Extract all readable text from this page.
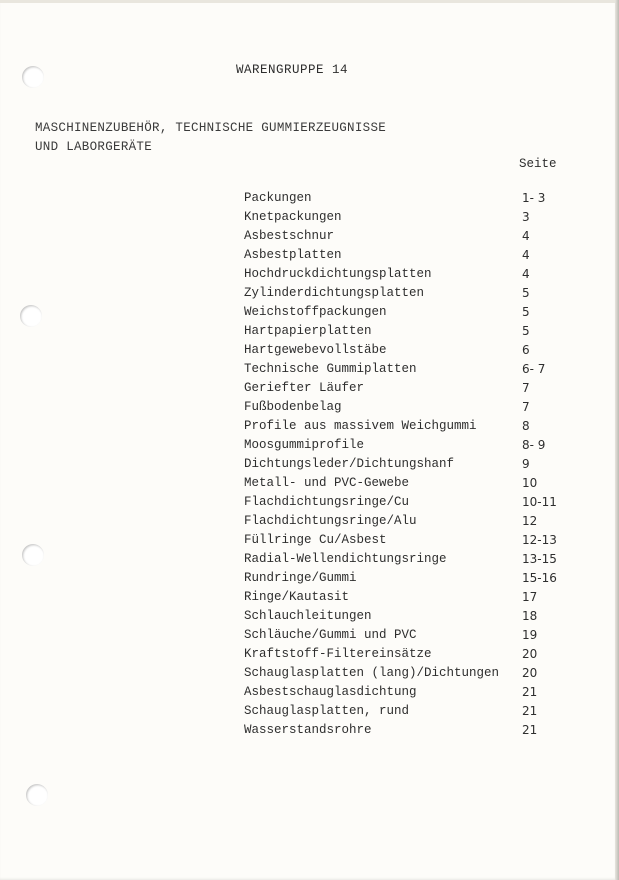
WARENGRUPPE 14
MASCHINENZUBEHÖR, TECHNISCHE GUMMIERZEUGNISSE
UND LABORGERÄTE
Seite
Packungen	1- 3
Knetpackungen	3
Asbestschnur	4
Asbestplatten	4
Hochdruckdichtungsplatten	4
Zylinderdichtungsplatten	5
Weichstoffpackungen	5
Hartpapierplatten	5
Hartgewebevollstäbe	6
Technische Gummiplatten	6- 7
Geriefter Läufer	7
Fußbodenbelag	7
Profile aus massivem Weichgummi	8
Moosgummiprofile	8- 9
Dichtungsleder/Dichtungshanf	9
Metall- und PVC-Gewebe	10
Flachdichtungsringe/Cu	10-11
Flachdichtungsringe/Alu	12
Füllringe Cu/Asbest	12-13
Radial-Wellendichtungsringe	13-15
Rundringe/Gummi	15-16
Ringe/Kautasit	17
Schlauchleitungen	18
Schläuche/Gummi und PVC	19
Kraftstoff-Filtereinsätze	20
Schauglasplatten (lang)/Dichtungen 20
Asbestschauglasdichtung	21
Schauglasplatten, rund	21
Wasserstandsrohre	21
